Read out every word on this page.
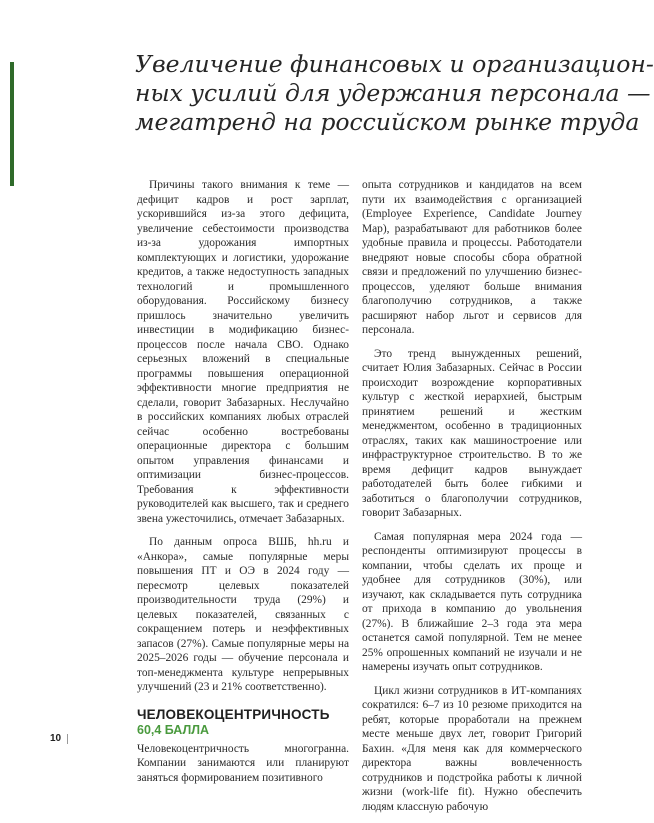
Увеличение финансовых и организацион-
ных усилий для удержания персонала —
мегатренд на российском рынке труда

Причины такого внимания к теме — дефицит кадров и рост зарплат, ускорившийся из-за этого дефицита, увеличение себестоимости производства из-за удорожания импортных комплектующих и логистики, удорожание кредитов, а также недоступность западных технологий и промышленного оборудования. Российскому бизнесу пришлось значительно увеличить инвестиции в модификацию бизнес-процессов после начала СВО. Однако серьезных вложений в специальные программы повышения операционной эффективности многие предприятия не сделали, говорит Забазарных. Неслучайно в российских компаниях любых отраслей сейчас особенно востребованы операционные директора с большим опытом управления финансами и оптимизации бизнес-процессов. Требования к эффективности руководителей как высшего, так и среднего звена ужесточились, отмечает Забазарных.

По данным опроса ВШБ, hh.ru и «Анкора», самые популярные меры повышения ПТ и ОЭ в 2024 году — пересмотр целевых показателей производительности труда (29%) и целевых показателей, связанных с сокращением потерь и неэффективных запасов (27%). Самые популярные меры на 2025–2026 годы — обучение персонала и топ-менеджмента культуре непрерывных улучшений (23 и 21% соответственно).

ЧЕЛОВЕКОЦЕНТРИЧНОСТЬ
60,4 БАЛЛА

Человекоцентричность многогранна. Компании занимаются или планируют заняться формированием позитивного

опыта сотрудников и кандидатов на всем пути их взаимодействия с организацией (Employee Experience, Candidate Journey Map), разрабатывают для работников более удобные правила и процессы. Работодатели внедряют новые способы сбора обратной связи и предложений по улучшению бизнес-процессов, уделяют больше внимания благополучию сотрудников, а также расширяют набор льгот и сервисов для персонала.

Это тренд вынужденных решений, считает Юлия Забазарных. Сейчас в России происходит возрождение корпоративных культур с жесткой иерархией, быстрым принятием решений и жестким менеджментом, особенно в традиционных отраслях, таких как машиностроение или инфраструктурное строительство. В то же время дефицит кадров вынуждает работодателей быть более гибкими и заботиться о благополучии сотрудников, говорит Забазарных.

Самая популярная мера 2024 года — респонденты оптимизируют процессы в компании, чтобы сделать их проще и удобнее для сотрудников (30%), или изучают, как складывается путь сотрудника от прихода в компанию до увольнения (27%). В ближайшие 2–3 года эта мера останется самой популярной. Тем не менее 25% опрошенных компаний не изучали и не намерены изучать опыт сотрудников.

Цикл жизни сотрудников в ИТ-компаниях сократился: 6–7 из 10 резюме приходится на ребят, которые проработали на прежнем месте меньше двух лет, говорит Григорий Бахин. «Для меня как для коммерческого директора важны вовлеченность сотрудников и подстройка работы к личной жизни (work-life fit). Нужно обеспечить людям классную рабочую

10
